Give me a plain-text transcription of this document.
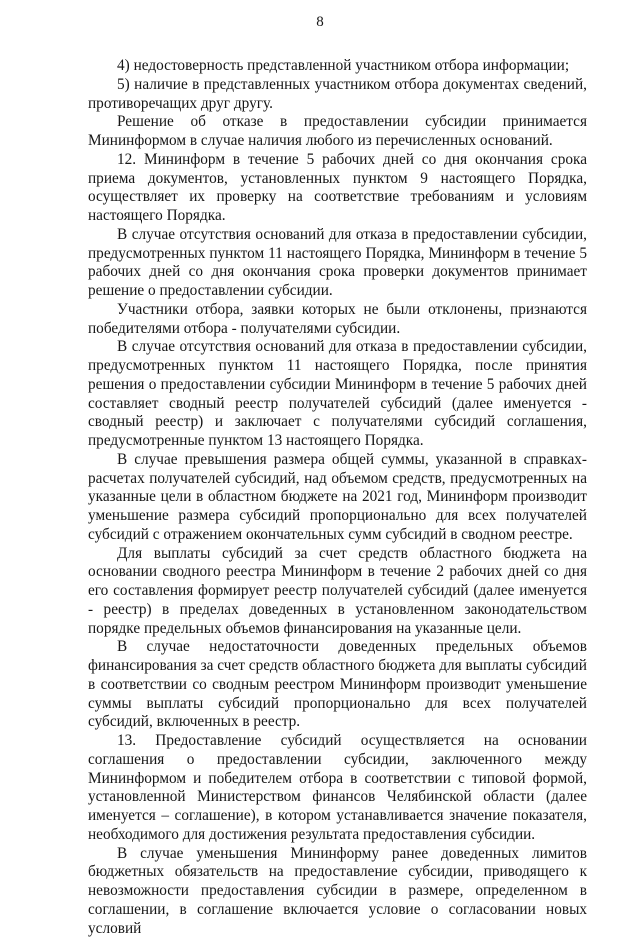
8

4) недостоверность представленной участником отбора информации;

5) наличие в представленных участником отбора документах сведений, противоречащих друг другу.

Решение об отказе в предоставлении субсидии принимается Мининформом в случае наличия любого из перечисленных оснований.

12. Мининформ в течение 5 рабочих дней со дня окончания срока приема документов, установленных пунктом 9 настоящего Порядка, осуществляет их проверку на соответствие требованиям и условиям настоящего Порядка.

В случае отсутствия оснований для отказа в предоставлении субсидии, предусмотренных пунктом 11 настоящего Порядка, Мининформ в течение 5 рабочих дней со дня окончания срока проверки документов принимает решение о предоставлении субсидии.

Участники отбора, заявки которых не были отклонены, признаются победителями отбора - получателями субсидии.

В случае отсутствия оснований для отказа в предоставлении субсидии, предусмотренных пунктом 11 настоящего Порядка, после принятия решения о предоставлении субсидии Мининформ в течение 5 рабочих дней составляет сводный реестр получателей субсидий (далее именуется - сводный реестр) и заключает с получателями субсидий соглашения, предусмотренные пунктом 13 настоящего Порядка.

В случае превышения размера общей суммы, указанной в справках-расчетах получателей субсидий, над объемом средств, предусмотренных на указанные цели в областном бюджете на 2021 год, Мининформ производит уменьшение размера субсидий пропорционально для всех получателей субсидий с отражением окончательных сумм субсидий в сводном реестре.

Для выплаты субсидий за счет средств областного бюджета на основании сводного реестра Мининформ в течение 2 рабочих дней со дня его составления формирует реестр получателей субсидий (далее именуется - реестр) в пределах доведенных в установленном законодательством порядке предельных объемов финансирования на указанные цели.

В случае недостаточности доведенных предельных объемов финансирования за счет средств областного бюджета для выплаты субсидий в соответствии со сводным реестром Мининформ производит уменьшение суммы выплаты субсидий пропорционально для всех получателей субсидий, включенных в реестр.

13. Предоставление субсидий осуществляется на основании соглашения о предоставлении субсидии, заключенного между Мининформом и победителем отбора в соответствии с типовой формой, установленной Министерством финансов Челябинской области (далее именуется – соглашение), в котором устанавливается значение показателя, необходимого для достижения результата предоставления субсидии.

В случае уменьшения Мининформу ранее доведенных лимитов бюджетных обязательств на предоставление субсидии, приводящего к невозможности предоставления субсидии в размере, определенном в соглашении, в соглашение включается условие о согласовании новых условий
